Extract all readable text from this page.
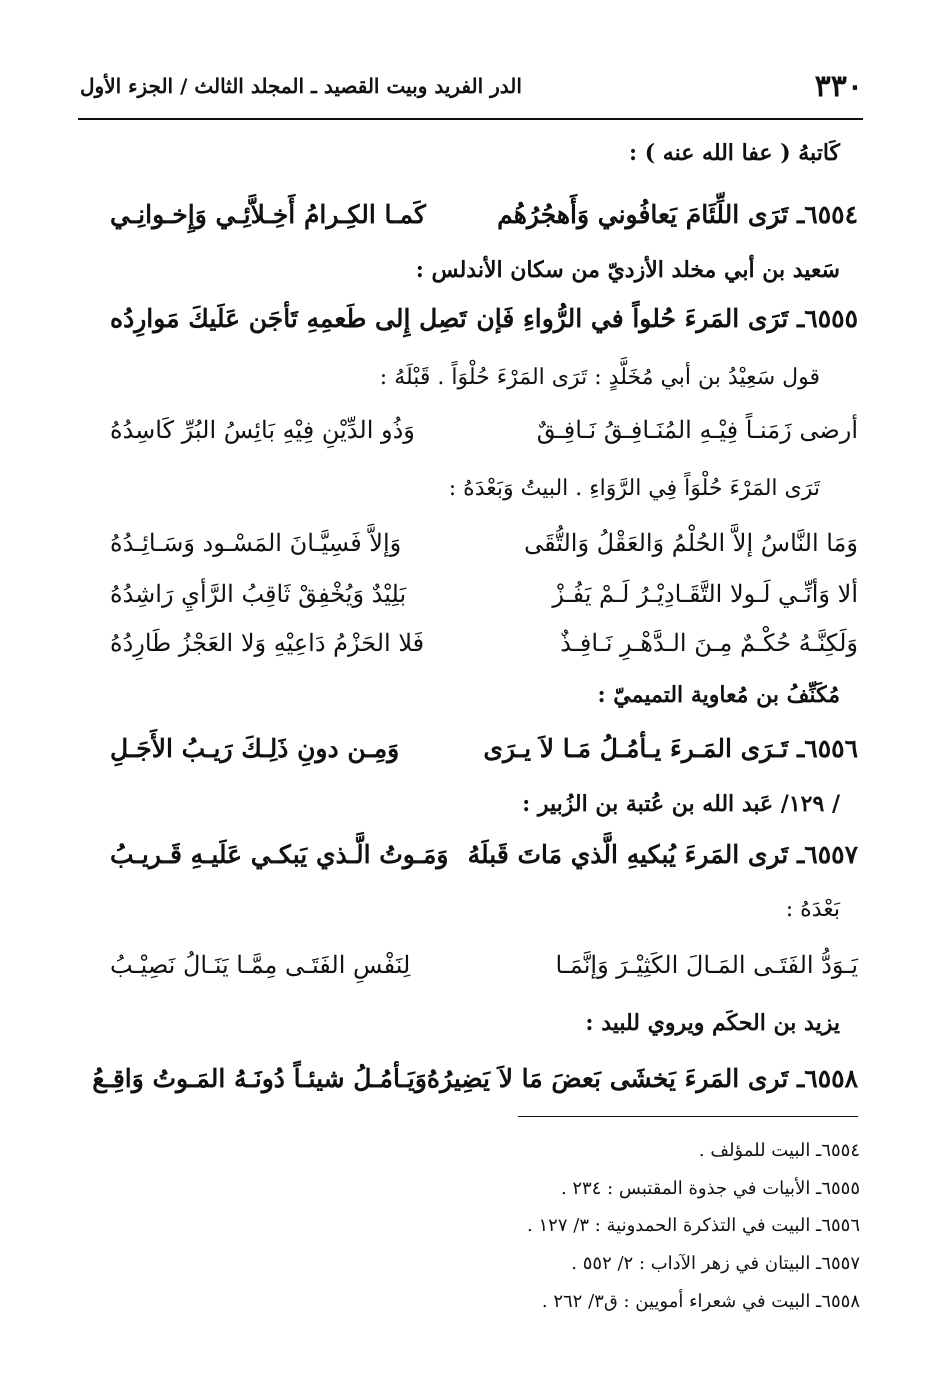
٣٣٠
الدر الفريد وبيت القصيد ـ المجلد الثالث / الجزء الأول
كَاتبهُ ( عفا الله عنه ) :
٦٥٥٤ـ تَرَى اللِّئَامَ يَعافُوني وَأَهجُرُهُم
كَمـا الكِـرامُ أَخِـلاَّئِـي وَإِخـوانِـي
سَعيد بن أبي مخلد الأزديّ من سكان الأندلس :
٦٥٥٥ـ تَرَى المَرءَ حُلواً في الرُّواءِ فَإن
تَصِل إِلى طَعمِهِ تَأجَن عَلَيكَ مَوارِدُه
قول سَعِيْدُ بن أبي مُخَلَّدٍ : تَرَى المَرْءَ حُلْوَاً . قَبْلَهُ :
أرضى زَمَنـاً فِيْـهِ المُنَـافِـقُ نَـافِـقٌ
وَذُو الدِّيْنِ فِيْهِ بَائِسُ البُرِّ كَاسِدُهُ
تَرَى المَرْءَ حُلْوَاً فِي الرَّوَاءِ . البيتُ وَبَعْدَهُ :
وَمَا النَّاسُ إلاَّ الحُلْمُ وَالعَقْلُ وَالتُّقَى
وَإلاَّ فَسِيَّـانَ المَسْـود وَسَـائِـدُهُ
ألا وَأنِّـي لَـولا التَّقَـادِيْـرُ لَـمْ يَفُـزْ
بَلِيْدٌ وَيُخْفِقْ ثَاقِبُ الرَّأيِ رَاشِدُهُ
وَلَكِنَّـهُ حُكْـمٌ مِـنَ الـدَّهْـرِ نَـافِـذٌ
فَلا الحَزْمُ دَاعِيْهِ وَلا العَجْزُ طَارِدُهُ
مُكَنِّفُ بن مُعاوية التميميّ :
٦٥٥٦ـ تَـرَى المَـرءَ يـأمُـلُ مَـا لاَ يـرَى
وَمِـن دونِ ذَلِـكَ رَيـبُ الأَجَـلِ
/ ١٢٩/ عَبد الله بن عُتبة بن الزُبير :
٦٥٥٧ـ تَرى المَرءَ يُبكيهِ الَّذي مَاتَ قَبلَهُ
وَمَـوتُ الَّـذي يَبكـي عَلَيـهِ قَـريـبُ
بَعْدَهُ :
يَـوَدُّ الفَتَـى المَـالَ الكَثِيْـرَ وَإنَّمَـا
لِنَفْسِ الفَتَـى مِمَّـا يَنَـالُ نَصِيْـبُ
يزيد بن الحكَم ويروي للبيد :
٦٥٥٨ـ تَرى المَرءَ يَخشَى بَعضَ مَا لاَ يَضِيرُهُ
وَيَـأمُـلُ شيئـاً دُونَـهُ المَـوتُ وَاقِـعُ
٦٥٥٤ـ البيت للمؤلف .
٦٥٥٥ـ الأبيات في جذوة المقتبس : ٢٣٤ .
٦٥٥٦ـ البيت في التذكرة الحمدونية : ٣/ ١٢٧ .
٦٥٥٧ـ البيتان في زهر الآداب : ٢/ ٥٥٢ .
٦٥٥٨ـ البيت في شعراء أمويين : ق٣/ ٢٦٢ .
